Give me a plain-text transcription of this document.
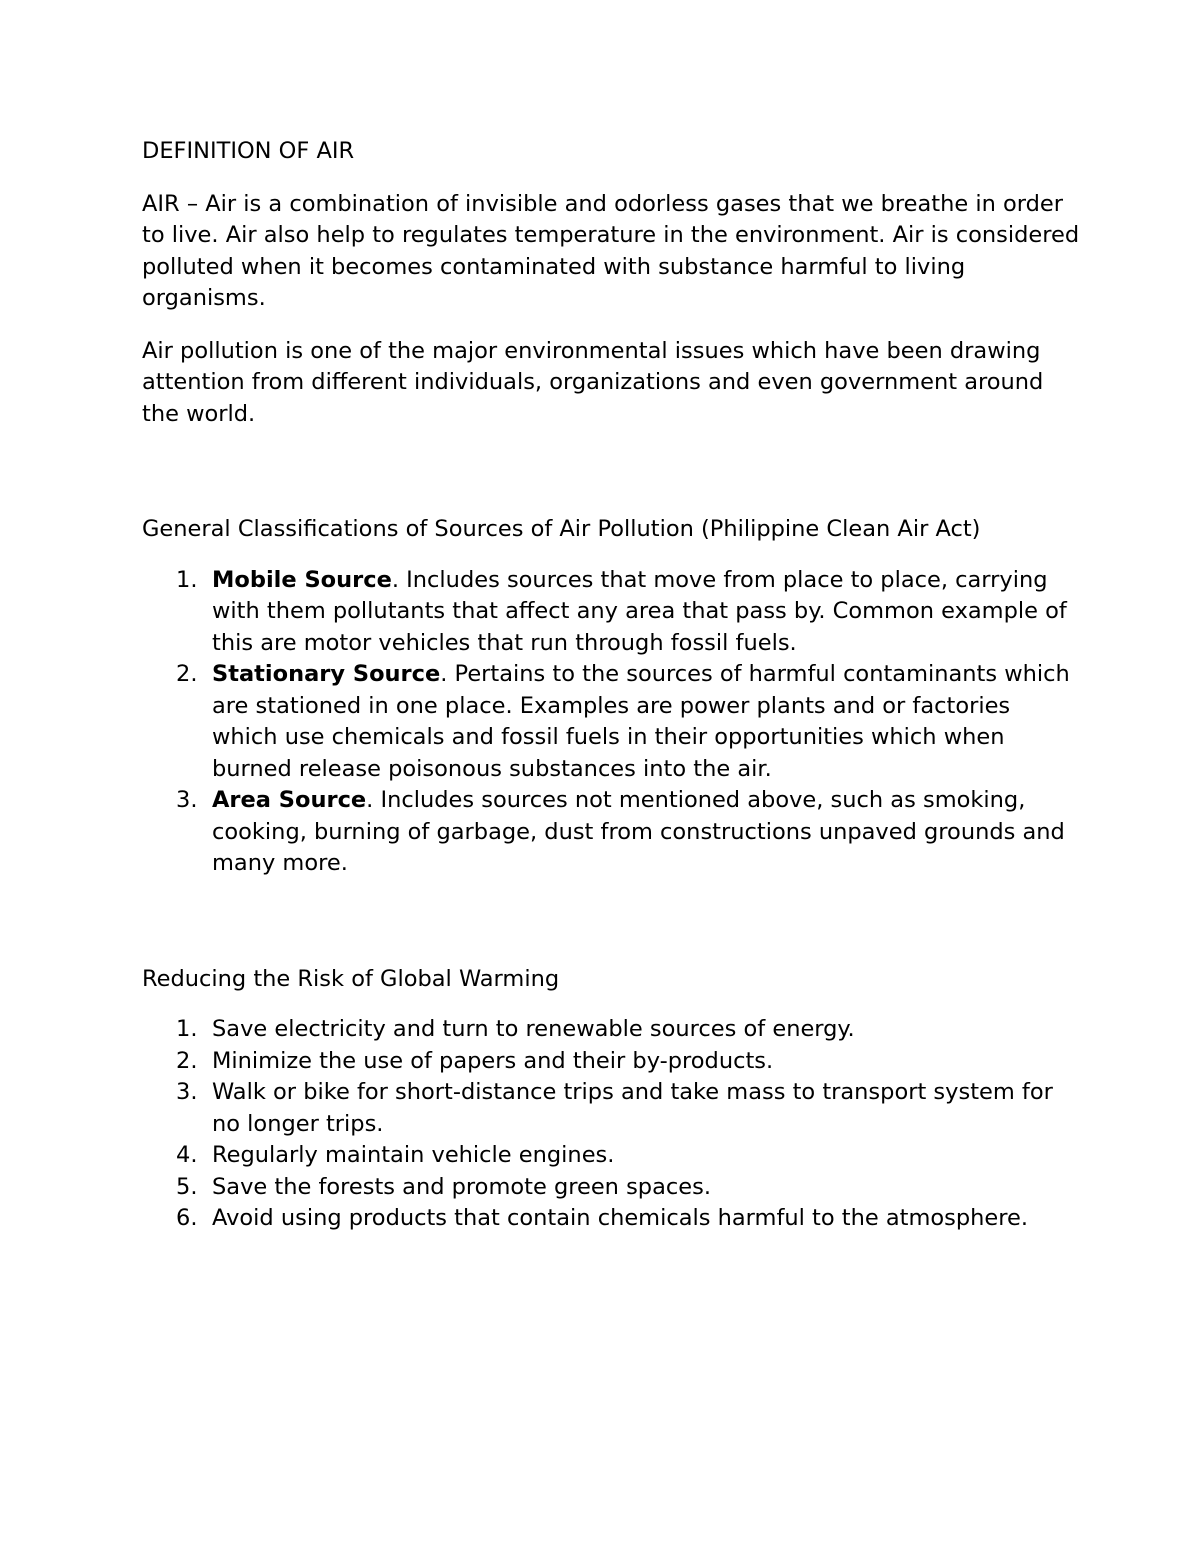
DEFINITION OF AIR

AIR – Air is a combination of invisible and odorless gases that we breathe in order to live. Air also help to regulates temperature in the environment. Air is considered polluted when it becomes contaminated with substance harmful to living organisms.

Air pollution is one of the major environmental issues which have been drawing attention from different individuals, organizations and even government around the world.

General Classifications of Sources of Air Pollution (Philippine Clean Air Act)

1. Mobile Source. Includes sources that move from place to place, carrying with them pollutants that affect any area that pass by. Common example of this are motor vehicles that run through fossil fuels.
2. Stationary Source. Pertains to the sources of harmful contaminants which are stationed in one place. Examples are power plants and or factories which use chemicals and fossil fuels in their opportunities which when burned release poisonous substances into the air.
3. Area Source. Includes sources not mentioned above, such as smoking, cooking, burning of garbage, dust from constructions unpaved grounds and many more.

Reducing the Risk of Global Warming

1. Save electricity and turn to renewable sources of energy.
2. Minimize the use of papers and their by-products.
3. Walk or bike for short-distance trips and take mass to transport system for no longer trips.
4. Regularly maintain vehicle engines.
5. Save the forests and promote green spaces.
6. Avoid using products that contain chemicals harmful to the atmosphere.
